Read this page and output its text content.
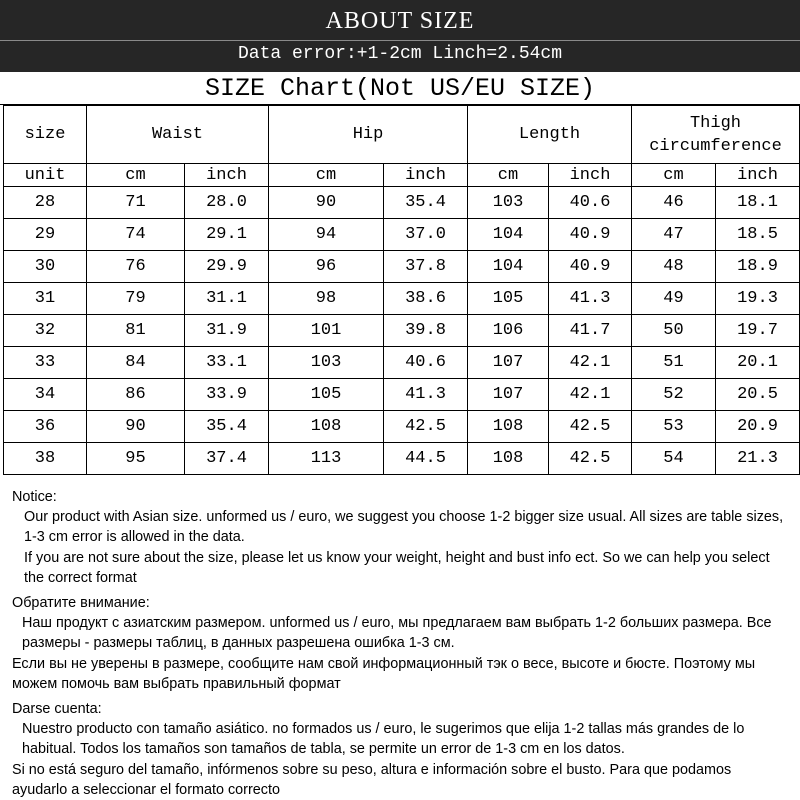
ABOUT SIZE
Data error:+1-2cm Linch=2.54cm
SIZE Chart(Not US/EU SIZE)
size	Waist		Hip		Length		Thigh circumference	
unit	cm	inch	cm	inch	cm	inch	cm	inch
28	71	28.0	90	35.4	103	40.6	46	18.1
29	74	29.1	94	37.0	104	40.9	47	18.5
30	76	29.9	96	37.8	104	40.9	48	18.9
31	79	31.1	98	38.6	105	41.3	49	19.3
32	81	31.9	101	39.8	106	41.7	50	19.7
33	84	33.1	103	40.6	107	42.1	51	20.1
34	86	33.9	105	41.3	107	42.1	52	20.5
36	90	35.4	108	42.5	108	42.5	53	20.9
38	95	37.4	113	44.5	108	42.5	54	21.3

Notice:

Our product with Asian size. unformed us / euro, we suggest you choose 1-2 bigger size usual. All sizes are table sizes, 1-3 cm error is allowed in the data.

If you are not sure about the size, please let us know your weight, height and bust info ect. So we can help you select the correct format

Обратите внимание:

Наш продукт с азиатским размером. unformed us / euro, мы предлагаем вам выбрать 1-2 больших размера. Все размеры - размеры таблиц, в данных разрешена ошибка 1-3 см.

Если вы не уверены в размере, сообщите нам свой информационный тэк о весе, высоте и бюсте. Поэтому мы можем помочь вам выбрать правильный формат

Darse cuenta:

Nuestro producto con tamaño asiático. no formados us / euro, le sugerimos que elija 1-2 tallas más grandes de lo habitual. Todos los tamaños son tamaños de tabla, se permite un error de 1-3 cm en los datos.

Si no está seguro del tamaño, infórmenos sobre su peso, altura e información sobre el busto. Para que podamos ayudarlo a seleccionar el formato correcto
